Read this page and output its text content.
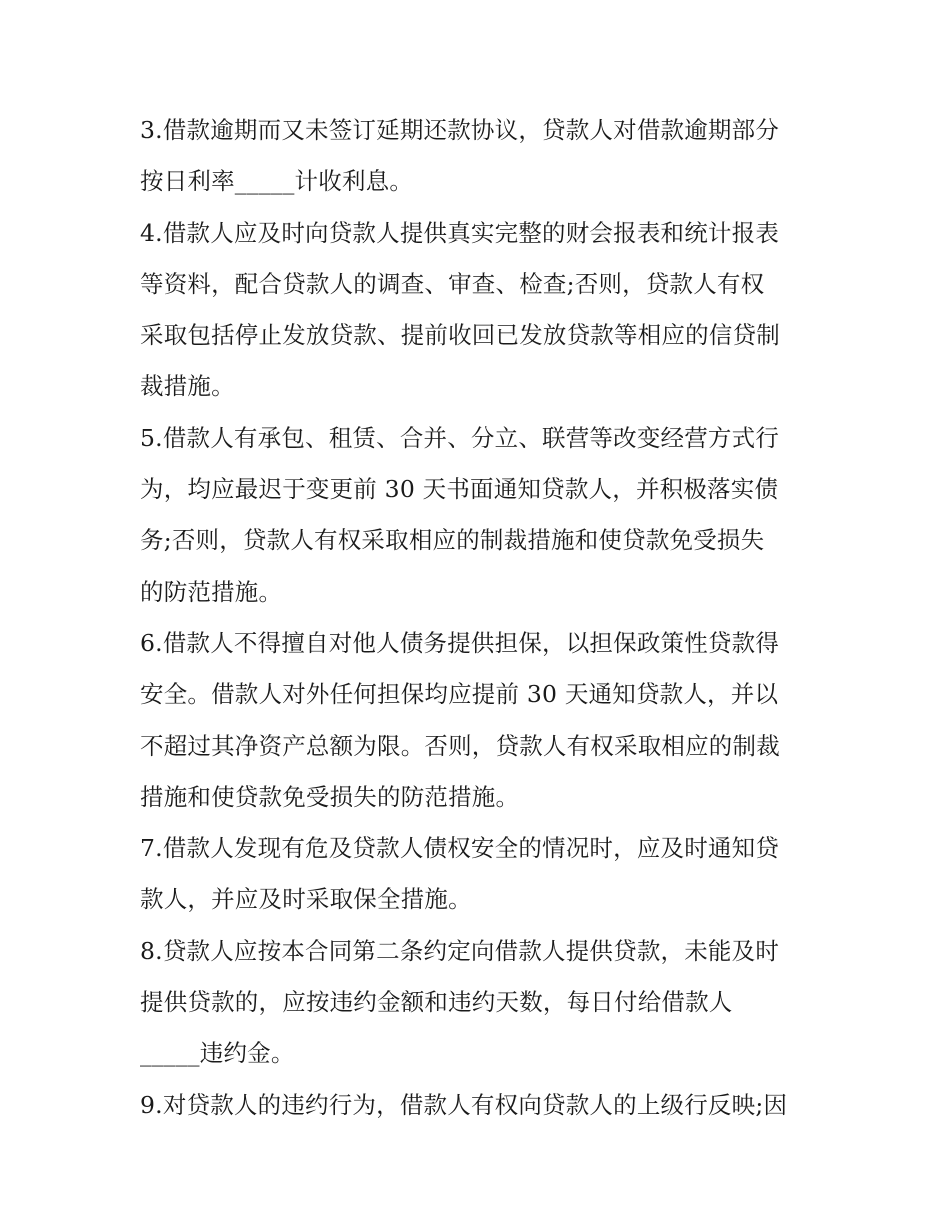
3.借款逾期而又未签订延期还款协议，贷款人对借款逾期部分
按日利率_____计收利息。
4.借款人应及时向贷款人提供真实完整的财会报表和统计报表
等资料，配合贷款人的调查、审查、检查;否则，贷款人有权
采取包括停止发放贷款、提前收回已发放贷款等相应的信贷制
裁措施。
5.借款人有承包、租赁、合并、分立、联营等改变经营方式行
为，均应最迟于变更前 30 天书面通知贷款人，并积极落实债
务;否则，贷款人有权采取相应的制裁措施和使贷款免受损失
的防范措施。
6.借款人不得擅自对他人债务提供担保，以担保政策性贷款得
安全。借款人对外任何担保均应提前 30 天通知贷款人，并以
不超过其净资产总额为限。否则，贷款人有权采取相应的制裁
措施和使贷款免受损失的防范措施。
7.借款人发现有危及贷款人债权安全的情况时，应及时通知贷
款人，并应及时采取保全措施。
8.贷款人应按本合同第二条约定向借款人提供贷款，未能及时
提供贷款的，应按违约金额和违约天数，每日付给借款人
_____违约金。
9.对贷款人的违约行为，借款人有权向贷款人的上级行反映;因
